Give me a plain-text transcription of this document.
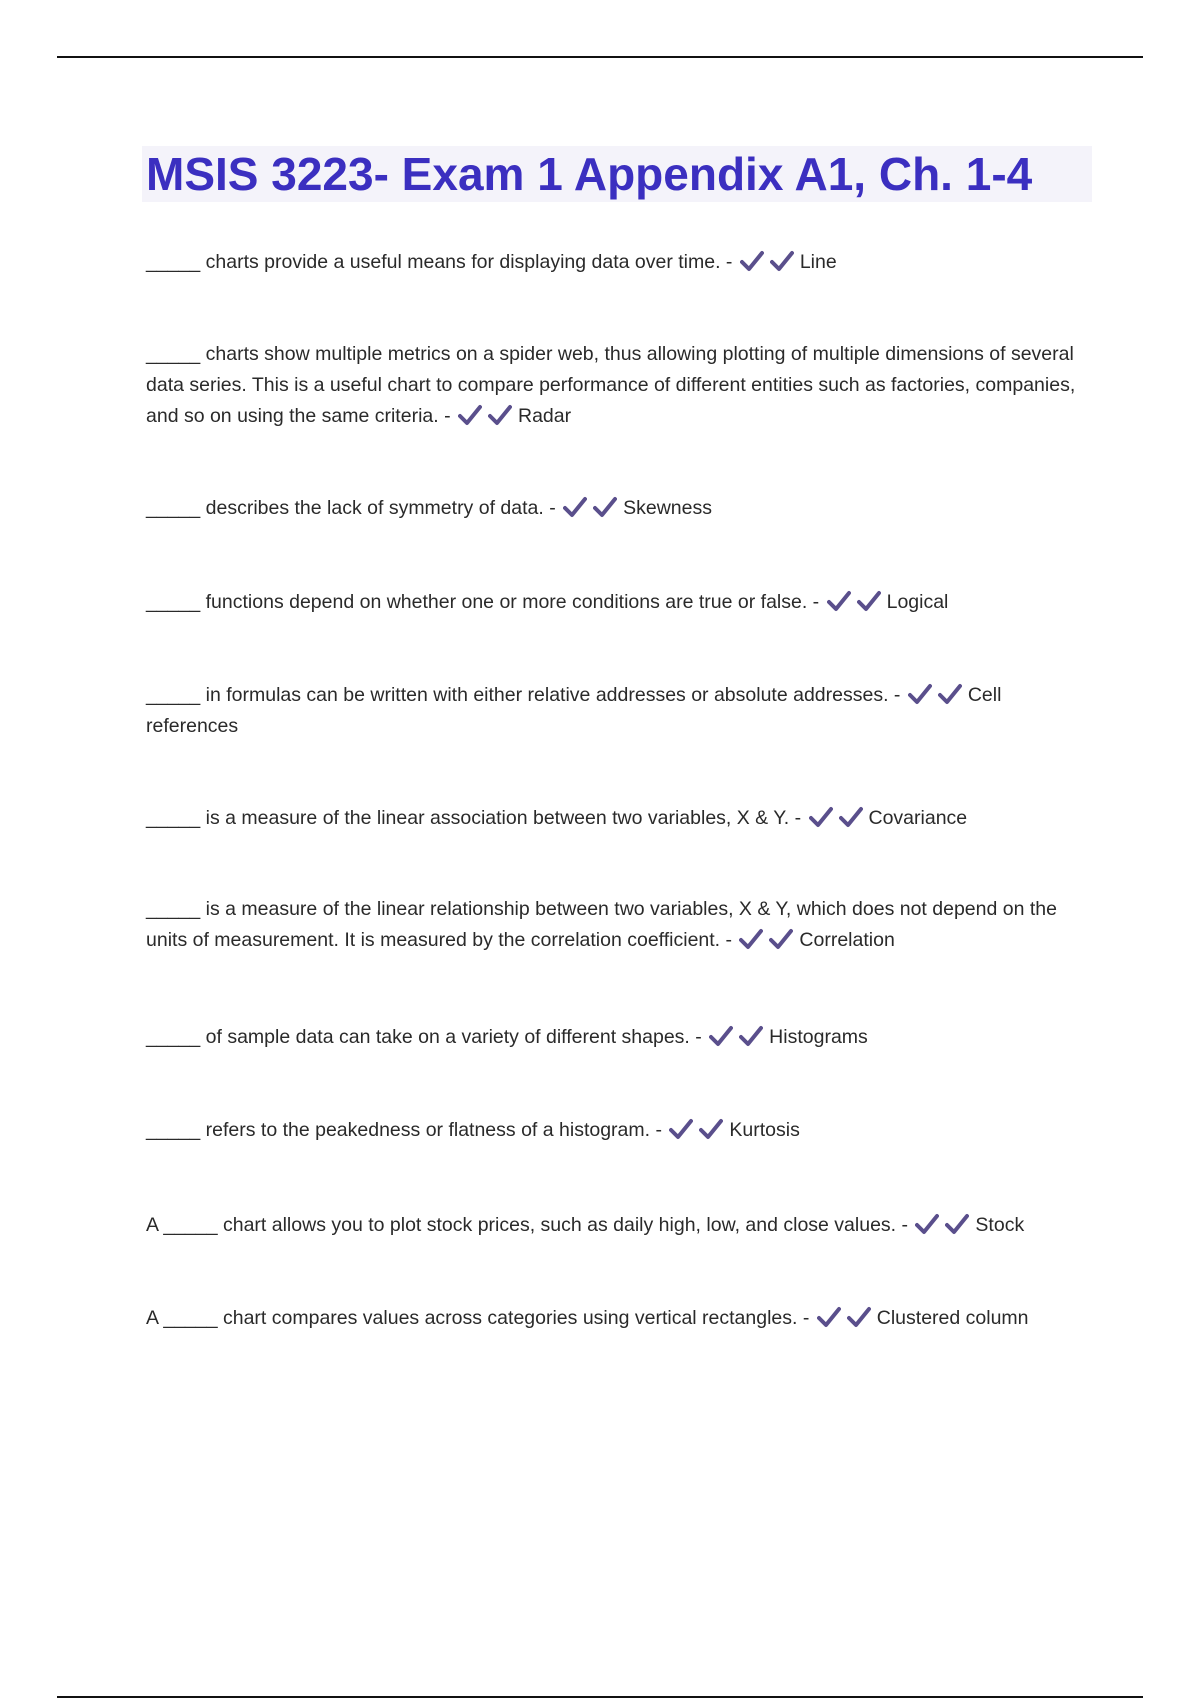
MSIS 3223- Exam 1 Appendix A1, Ch. 1-4

_____ charts provide a useful means for displaying data over time. -	Line

_____ charts show multiple metrics on a spider web, thus allowing plotting of multiple dimensions of several data series. This is a useful chart to compare performance of different entities such as factories, companies, and so on using the same criteria. -	Radar

_____ describes the lack of symmetry of data. -	Skewness

_____ functions depend on whether one or more conditions are true or false. -	Logical

_____ in formulas can be written with either relative addresses or absolute addresses. -	Cell references

_____ is a measure of the linear association between two variables, X & Y. -	Covariance

_____ is a measure of the linear relationship between two variables, X & Y, which does not depend on the units of measurement. It is measured by the correlation coefficient. -	Correlation

_____ of sample data can take on a variety of different shapes. -	Histograms

_____ refers to the peakedness or flatness of a histogram. -	Kurtosis

A _____ chart allows you to plot stock prices, such as daily high, low, and close values. -	Stock

A _____ chart compares values across categories using vertical rectangles. -	Clustered column
